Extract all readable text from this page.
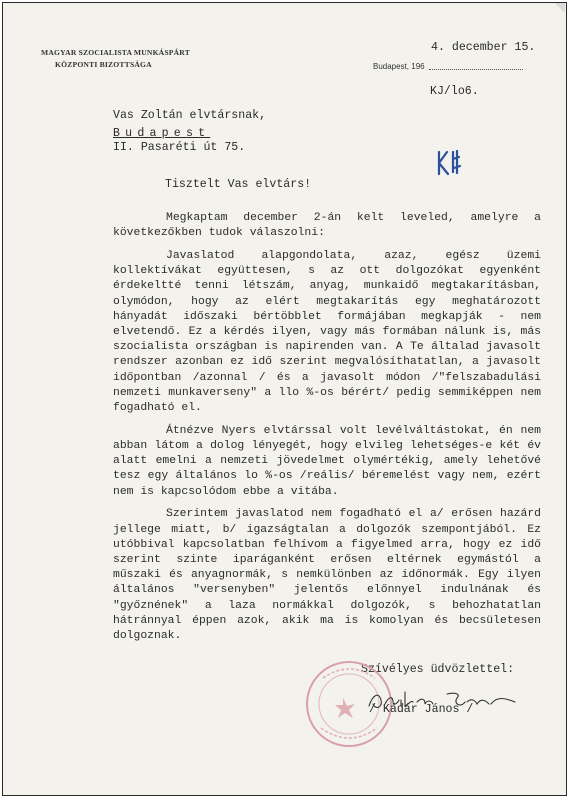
MAGYAR SZOCIALISTA MUNKÁSPÁRT
KÖZPONTI BIZOTTSÁGA
4. december 15.
Budapest, 196
KJ/lo6.
Vas Zoltán elvtársnak,
Budapest
II. Pasaréti út 75.
Tisztelt Vas elvtárs!

Megkaptam december 2-án kelt leveled, amelyre a következőkben tudok válaszolni:

Javaslatod alapgondolata, azaz, egész üzemi kollektívákat együttesen, s az ott dolgozókat egyenként érdekeltté tenni létszám, anyag, munkaidő megtakarításban, olymódon, hogy az elért megtakarítás egy meghatározott hányadát időszaki bértöbblet formájában megkapják - nem elvetendő. Ez a kérdés ilyen, vagy más formában nálunk is, más szocialista országban is napirenden van. A Te általad javasolt rendszer azonban ez idő szerint megvalósíthatatlan, a javasolt időpontban /azonnal / és a javasolt módon /"felszabadulási nemzeti munkaverseny" a llo %-os bérért/ pedig semmiképpen nem fogadható el.

Átnézve Nyers elvtárssal volt levélváltástokat, én nem abban látom a dolog lényegét, hogy elvileg lehetséges-e két év alatt emelni a nemzeti jövedelmet olymértékig, amely lehetővé tesz egy általános lo %-os /reális/ béremelést vagy nem, ezért nem is kapcsolódom ebbe a vitába.

Szerintem javaslatod nem fogadható el a/ erősen hazárd jellege miatt, b/ igazságtalan a dolgozók szempontjából. Ez utóbbival kapcsolatban felhívom a figyelmed arra, hogy ez idő szerint szinte iparáganként erősen eltérnek egymástól a műszaki és anyagnormák, s nemkülönben az időnormák. Egy ilyen általános "versenyben" jelentős előnnyel indulnának és "győznének" a laza normákkal dolgozók, s behozhatatlan hátránnyal éppen azok, akik ma is komolyan és becsületesen dolgoznak.

Szívélyes üdvözlettel:
/ Kádár János /
